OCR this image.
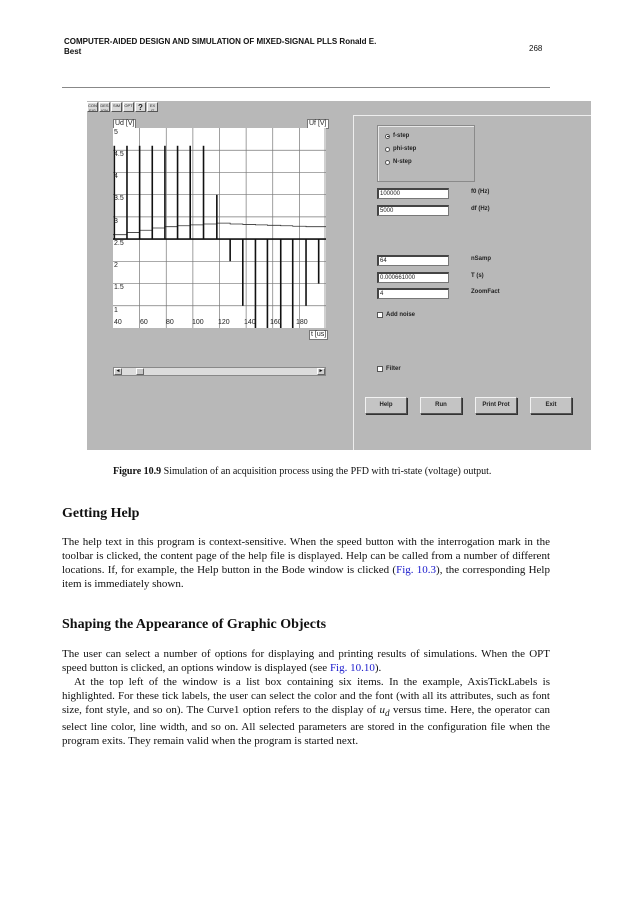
COMPUTER-AIDED DESIGN AND SIMULATION OF MIXED-SIGNAL PLLS Ronald E.
Best	268
CON FIG
DES IGN
SIM	OPT ?	EX IT
Ud [V]	Uf [V]
5
4.5
4
3.5
3
2.5
2
1.5
1
40	60	80	100 120 140 160 180
t [us]
◄	►
f-step
phi-step
N-step
100000	f0 (Hz)
5000	df (Hz)
64	nSamp
0.000661000	T (s)
4	ZoomFact
Add noise
Filter
Help	Run	Print Prot	Exit
Figure 10.9 Simulation of an acquisition process using the PFD with tri-state (voltage) output.
Getting Help
The help text in this program is context-sensitive. When the speed button with the interrogation mark in the toolbar is clicked, the content page of the help file is displayed. Help can be called from a number of different locations. If, for example, the Help button in the Bode window is clicked (Fig. 10.3), the corresponding Help item is immediately shown.
Shaping the Appearance of Graphic Objects
The user can select a number of options for displaying and printing results of simulations. When the OPT speed button is clicked, an options window is displayed (see Fig. 10.10).
At the top left of the window is a list box containing six items. In the example, AxisTickLabels is highlighted. For these tick labels, the user can select the color and the font (with all its attributes, such as font size, font style, and so on). The Curve1 option refers to the display of $u_d$ versus time. Here, the operator can select line color, line width, and so on. All selected parameters are stored in the configuration file when the program exits. They remain valid when the program is started next.
